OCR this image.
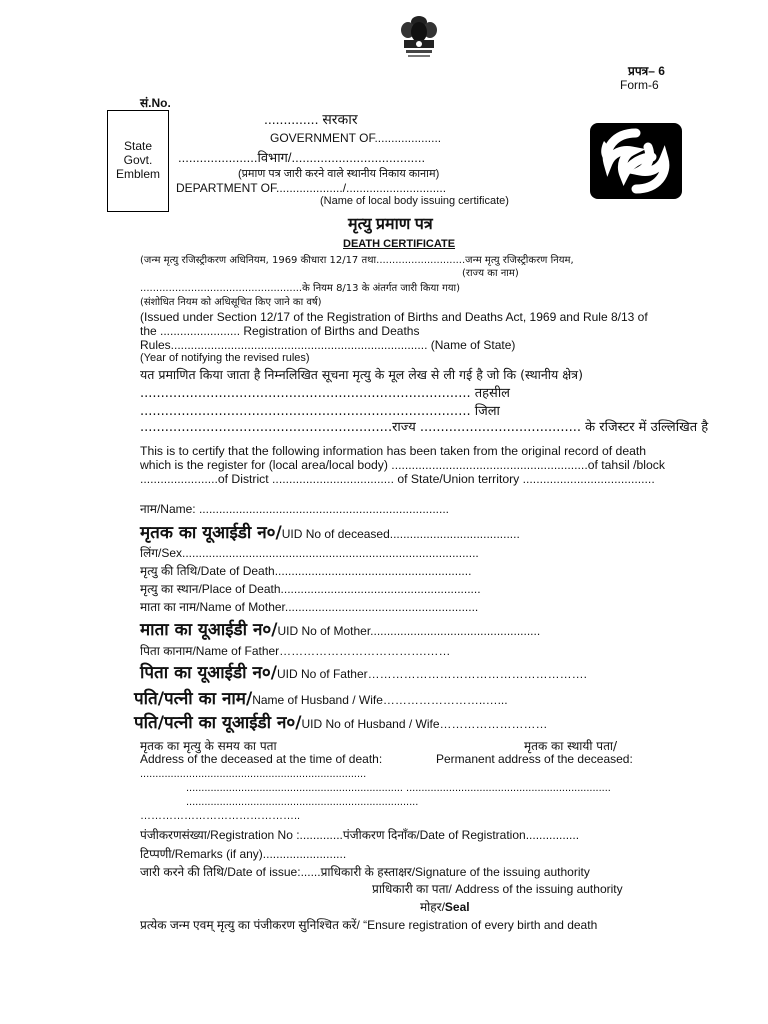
प्रपत्र– 6
Form-6
सं.No.
State
Govt.
Emblem
.............. सरकार
GOVERNMENT OF....................
......................विभाग/.....................................
(प्रमाण पत्र जारी करने वाले स्थानीय निकाय कानाम)
DEPARTMENT OF..................../..............................
(Name of local body issuing certificate)
मृत्यु प्रमाण पत्र
DEATH CERTIFICATE
(जन्म मृत्यु रजिस्ट्रीकरण अधिनियम, 1969 कीधारा 12/17 तथा............................जन्म मृत्यु रजिस्ट्रीकरण नियम,
(राज्य का नाम)
...................................................के नियम 8/13 के अंतर्गत जारी किया गया)
(संशोधित नियम को अधिसूचित किए जाने का वर्ष)
(Issued under Section 12/17 of the Registration of Births and Deaths Act, 1969 and Rule 8/13 of
the ........................ Registration of Births and Deaths
Rules............................................................................. (Name of State)
(Year of notifying the revised rules)
यत प्रमाणित किया जाता है निम्नलिखित सूचना मृत्यु के मूल लेख से ली गई है जो कि (स्थानीय क्षेत्र)
................................................................................ तहसील
................................................................................ जिला
.............................................................राज्य ....................................... के रजिस्टर में उल्लिखित है
This is to certify that the following information has been taken from the original record of death
which is the register for (local area/local body) ..........................................................of tahsil /block
.......................of District .................................... of State/Union territory .......................................
नाम/Name: ...........................................................................
मृतक का यूआईडी न०/UID No of deceased.......................................
लिंग/Sex.........................................................................................
मृत्यु की तिथि/Date of Death...........................................................
मृत्यु का स्थान/Place of Death............................................................
माता का नाम/Name of Mother..........................................................
माता का यूआईडी न०/UID No of Mother...................................................
पिता कानाम/Name of Father……………………………….……
पिता का यूआईडी न०/UID No of Father……………………………………………….
पति/पत्नी का नाम/Name of Husband / Wife……………………..…...
पति/पत्नी का यूआईडी न०/UID No of Husband / Wife………………………
मृतक का मृत्यु के समय का पता	मृतक का स्थायी पता/
Address of the deceased at the time of death:	Permanent address of the deceased:
..........................................................................
....................................................................... ...................................................................
............................................................................
……………………………………..
पंजीकरणसंख्या/Registration No :.............पंजीकरण दिनाँक/Date of Registration................
टिप्पणी/Remarks (if any).........................
जारी करने की तिथि/Date of issue:......प्राधिकारी के हस्ताक्षर/Signature of the issuing authority
प्राधिकारी का पता/ Address of the issuing authority
मोहर/Seal
प्रत्येक जन्म एवम् मृत्यु का पंजीकरण सुनिश्चित करें/ “Ensure registration of every birth and death
